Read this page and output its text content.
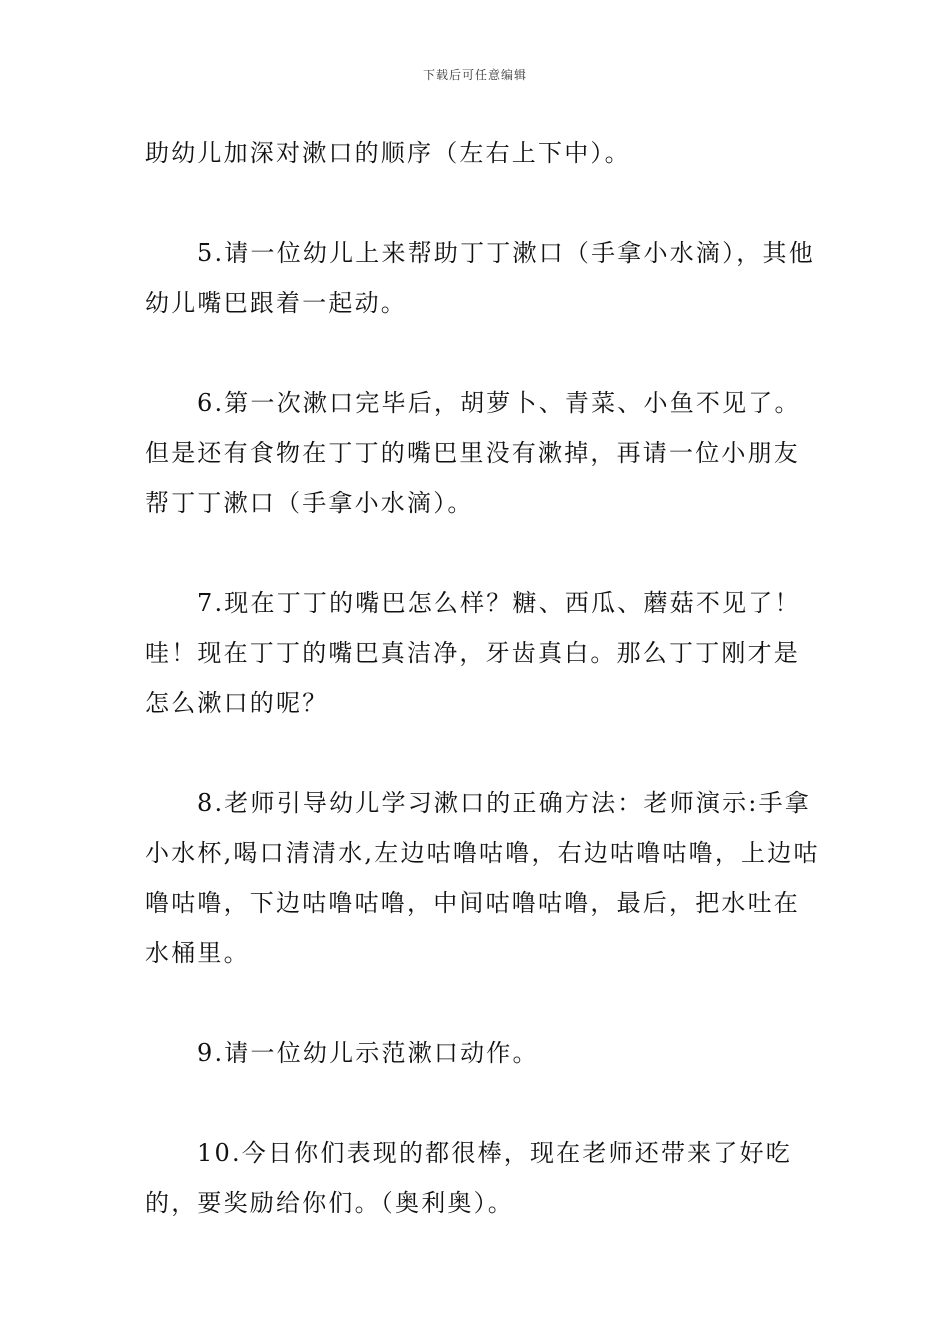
下载后可任意编辑

助幼儿加深对漱口的顺序（左右上下中）。

5.请一位幼儿上来帮助丁丁漱口（手拿小水滴），其他幼儿嘴巴跟着一起动。

6.第一次漱口完毕后，胡萝卜、青菜、小鱼不见了。但是还有食物在丁丁的嘴巴里没有漱掉，再请一位小朋友帮丁丁漱口（手拿小水滴）。

7.现在丁丁的嘴巴怎么样？糖、西瓜、蘑菇不见了！哇！现在丁丁的嘴巴真洁净，牙齿真白。那么丁丁刚才是怎么漱口的呢？

8.老师引导幼儿学习漱口的正确方法：老师演示:手拿小水杯,喝口清清水,左边咕噜咕噜，右边咕噜咕噜，上边咕噜咕噜，下边咕噜咕噜，中间咕噜咕噜，最后，把水吐在水桶里。

9.请一位幼儿示范漱口动作。

10.今日你们表现的都很棒，现在老师还带来了好吃的，要奖励给你们。（奥利奥）。
